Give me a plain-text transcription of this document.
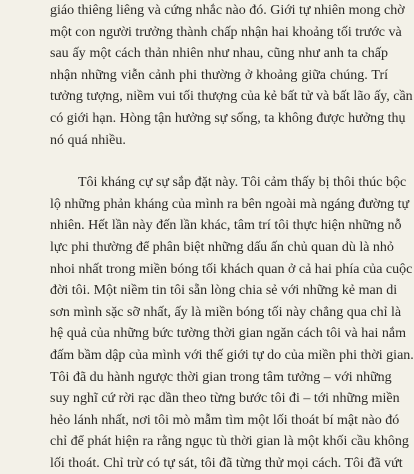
giáo thiêng liêng và cứng nhắc nào đó. Giới tự nhiên mong chờ
một con người trưởng thành chấp nhận hai khoảng tối trước và
sau ấy một cách thản nhiên như nhau, cũng như anh ta chấp
nhận những viễn cảnh phi thường ở khoảng giữa chúng. Trí
tưởng tượng, niềm vui tối thượng của kẻ bất tử và bất lão ấy, cần
có giới hạn. Hòng tận hưởng sự sống, ta không được hưởng thụ
nó quá nhiều.

Tôi kháng cự sự sắp đặt này. Tôi cảm thấy bị thôi thúc bộc
lộ những phản kháng của mình ra bên ngoài mà ngáng đường tự
nhiên. Hết lần này đến lần khác, tâm trí tôi thực hiện những nỗ
lực phi thường để phân biệt những dấu ấn chủ quan dù là nhỏ
nhoi nhất trong miền bóng tối khách quan ở cả hai phía của cuộc
đời tôi. Một niềm tin tôi sẵn lòng chia sẻ với những kẻ man di
sơn mình sặc sỡ nhất, ấy là miền bóng tối này chẳng qua chỉ là
hệ quả của những bức tường thời gian ngăn cách tôi và hai nắm
đấm bầm dập của mình với thế giới tự do của miền phi thời gian.
Tôi đã du hành ngược thời gian trong tâm tưởng – với những
suy nghĩ cứ rời rạc dần theo từng bước tôi đi – tới những miền
hẻo lánh nhất, nơi tôi mò mẫm tìm một lối thoát bí mật nào đó
chỉ để phát hiện ra rằng ngục tù thời gian là một khối cầu không
lối thoát. Chỉ trừ có tự sát, tôi đã từng thử mọi cách. Tôi đã vứt
